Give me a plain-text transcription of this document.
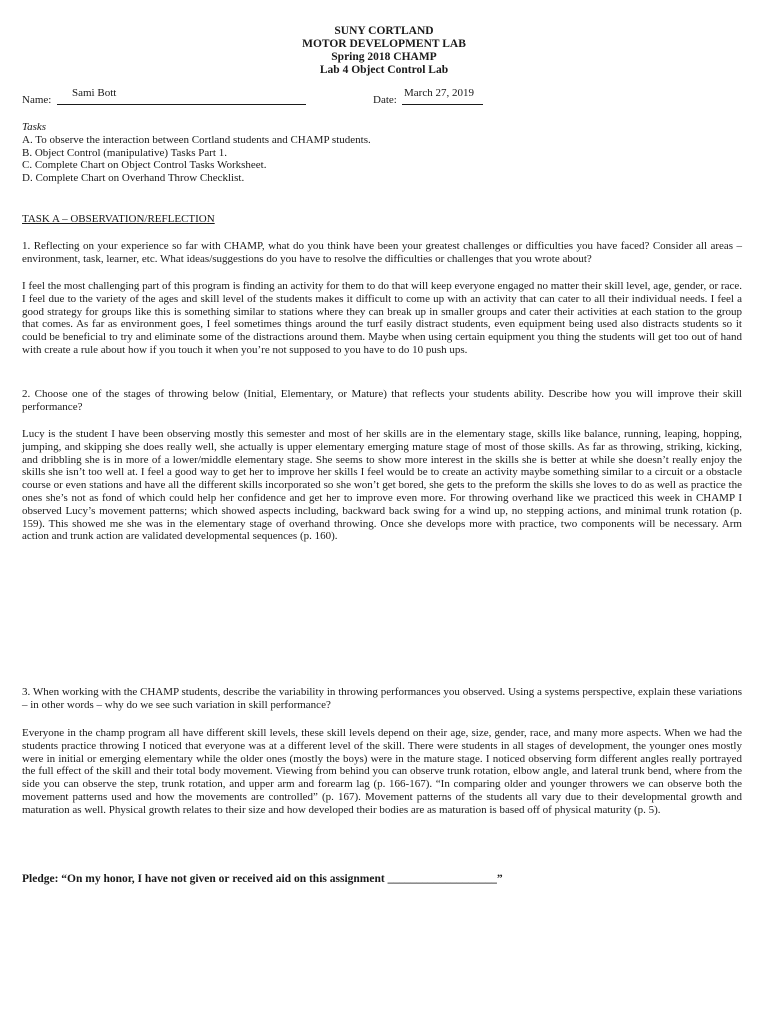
SUNY CORTLAND
MOTOR DEVELOPMENT LAB
Spring 2018 CHAMP
Lab 4 Object Control Lab
Name:
Sami Bott
Date:
March 27, 2019
Tasks
A. To observe the interaction between Cortland students and CHAMP students.
B. Object Control (manipulative) Tasks Part 1.
C. Complete Chart on Object Control Tasks Worksheet.
D. Complete Chart on Overhand Throw Checklist.
TASK A – OBSERVATION/REFLECTION

1. Reflecting on your experience so far with CHAMP, what do you think have been your greatest challenges or difficulties you have faced? Consider all areas – environment, task, learner, etc. What ideas/suggestions do you have to resolve the difficulties or challenges that you wrote about?

I feel the most challenging part of this program is finding an activity for them to do that will keep everyone engaged no matter their skill level, age, gender, or race. I feel due to the variety of the ages and skill level of the students makes it difficult to come up with an activity that can cater to all their individual needs. I feel a good strategy for groups like this is something similar to stations where they can break up in smaller groups and cater their activities at each station to the group that comes. As far as environment goes, I feel sometimes things around the turf easily distract students, even equipment being used also distracts students so it could be beneficial to try and eliminate some of the distractions around them. Maybe when using certain equipment you thing the students will get too out of hand with create a rule about how if you touch it when you’re not supposed to you have to do 10 push ups.

2. Choose one of the stages of throwing below (Initial, Elementary, or Mature) that reflects your students ability. Describe how you will improve their skill performance?

Lucy is the student I have been observing mostly this semester and most of her skills are in the elementary stage, skills like balance, running, leaping, hopping, jumping, and skipping she does really well, she actually is upper elementary emerging mature stage of most of those skills. As far as throwing, striking, kicking, and dribbling she is in more of a lower/middle elementary stage. She seems to show more interest in the skills she is better at while she doesn’t really enjoy the skills she isn’t too well at. I feel a good way to get her to improve her skills I feel would be to create an activity maybe something similar to a circuit or a obstacle course or even stations and have all the different skills incorporated so she won’t get bored, she gets to the preform the skills she loves to do as well as practice the ones she’s not as fond of which could help her confidence and get her to improve even more. For throwing overhand like we practiced this week in CHAMP I observed Lucy’s movement patterns; which showed aspects including, backward back swing for a wind up, no stepping actions, and minimal trunk rotation (p. 159). This showed me she was in the elementary stage of overhand throwing. Once she develops more with practice, two components will be necessary. Arm action and trunk action are validated developmental sequences (p. 160).

3. When working with the CHAMP students, describe the variability in throwing performances you observed. Using a systems perspective, explain these variations – in other words – why do we see such variation in skill performance?

Everyone in the champ program all have different skill levels, these skill levels depend on their age, size, gender, race, and many more aspects. When we had the students practice throwing I noticed that everyone was at a different level of the skill. There were students in all stages of development, the younger ones mostly were in initial or emerging elementary while the older ones (mostly the boys) were in the mature stage. I noticed observing form different angles really portrayed the full effect of the skill and their total body movement. Viewing from behind you can observe trunk rotation, elbow angle, and lateral trunk bend, where from the side you can observe the step, trunk rotation, and upper arm and forearm lag (p. 166-167). “In comparing older and younger throwers we can observe both the movement patterns used and how the movements are controlled” (p. 167). Movement patterns of the students all vary due to their developmental growth and maturation as well. Physical growth relates to their size and how developed their bodies are as maturation is based off of physical maturity (p. 5).

Pledge: “On my honor, I have not given or received aid on this assignment ___________________”
